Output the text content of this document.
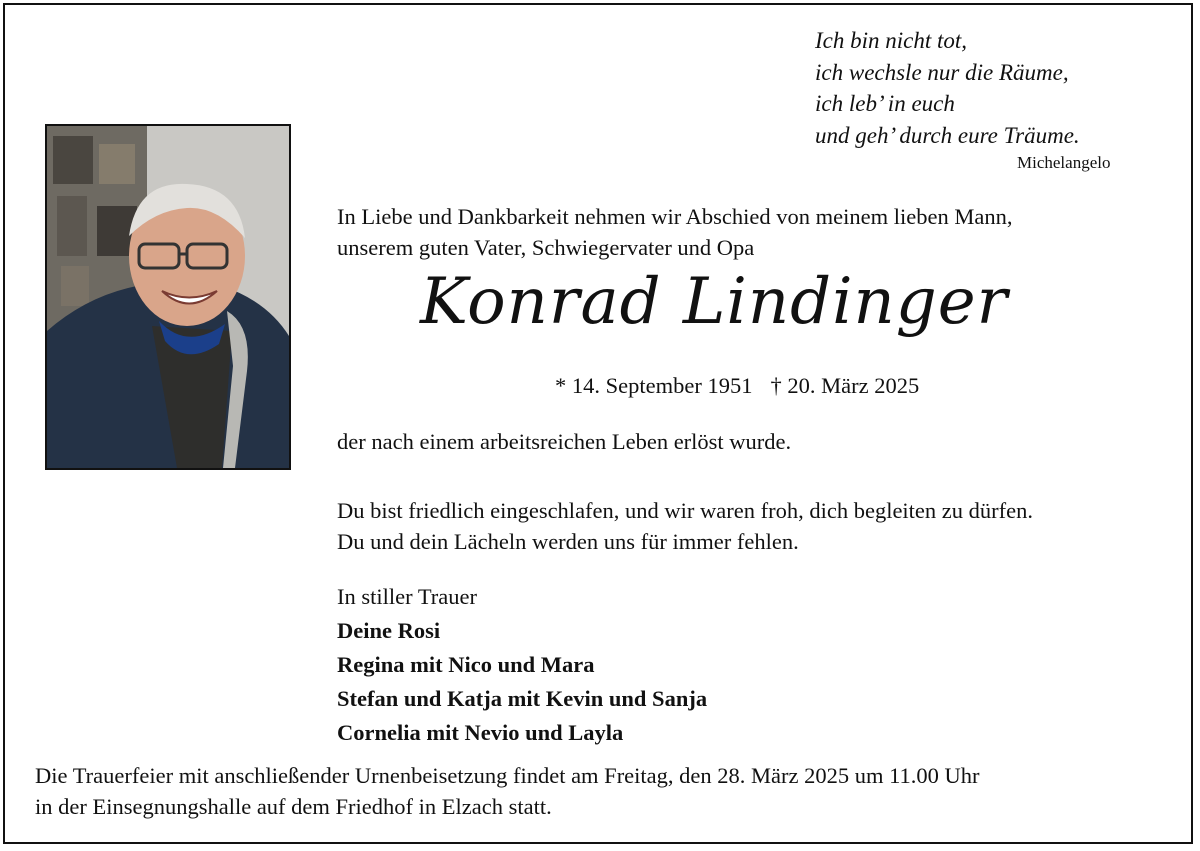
Ich bin nicht tot,
ich wechsle nur die Räume,
ich leb’ in euch
und geh’ durch eure Träume.
Michelangelo
In Liebe und Dankbarkeit nehmen wir Abschied von meinem lieben Mann,
unserem guten Vater, Schwiegervater und Opa
Konrad Lindinger
* 14. September 1951 † 20. März 2025
der nach einem arbeitsreichen Leben erlöst wurde.
Du bist friedlich eingeschlafen, und wir waren froh, dich begleiten zu dürfen.
Du und dein Lächeln werden uns für immer fehlen.
In stiller Trauer
Deine Rosi
Regina mit Nico und Mara
Stefan und Katja mit Kevin und Sanja
Cornelia mit Nevio und Layla
Die Trauerfeier mit anschließender Urnenbeisetzung findet am Freitag, den 28. März 2025 um 11.00 Uhr
in der Einsegnungshalle auf dem Friedhof in Elzach statt.
